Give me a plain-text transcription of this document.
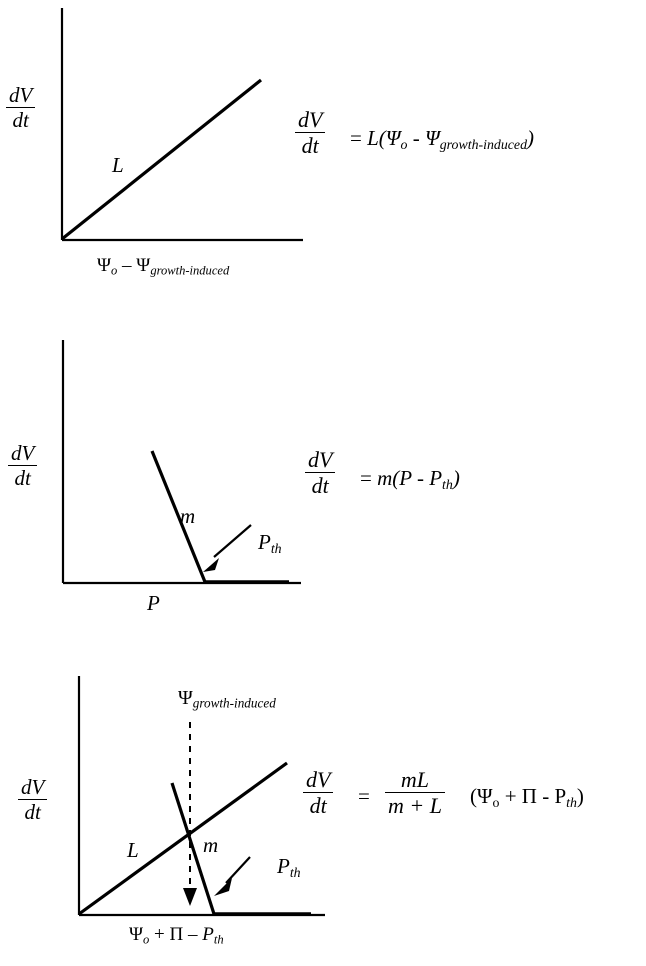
dV
dt
L
$\Psi_o - \Psi_{growth-induced}$
dV
dt	= $L(\Psi_o - \Psi_{growth-induced})$
dV
dt
m
$P_{th}$
P
dV
dt	= $m(P - P_{th})$
dV
dt
$\Psi_{growth-induced}$
L	m
$P_{th}$
$\Psi_o + \Pi - P_{th}$
dV
dt	=
mL
m + L $(\Psi_o + \Pi - P_{th})$
